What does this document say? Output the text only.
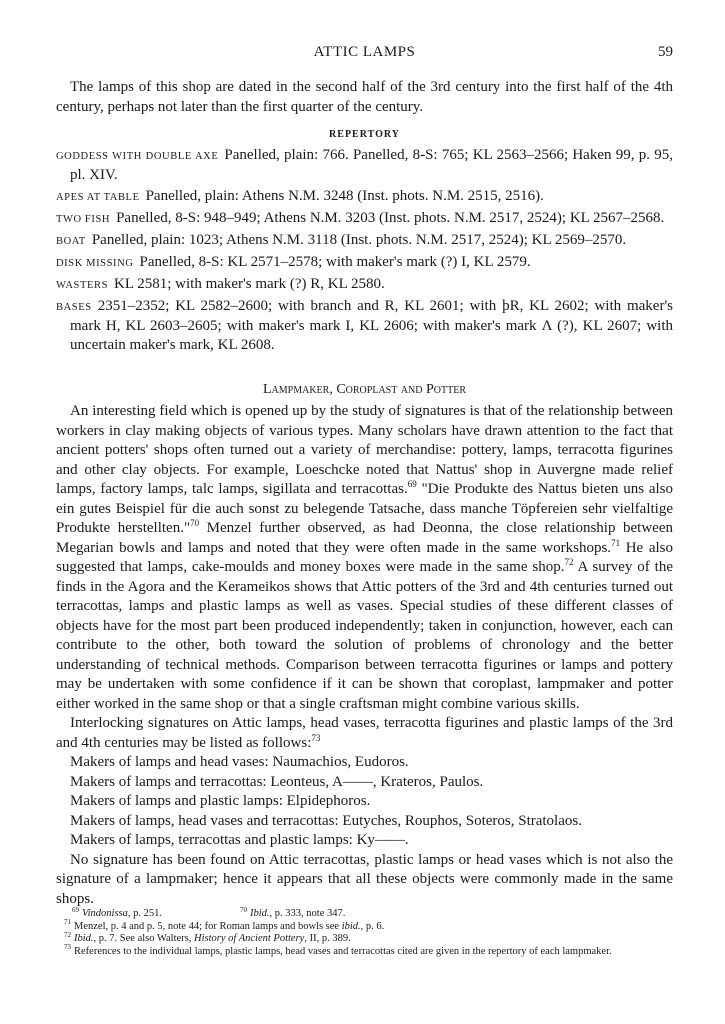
ATTIC LAMPS	59

The lamps of this shop are dated in the second half of the 3rd century into the first half of the 4th century, perhaps not later than the first quarter of the century.

REPERTORY

GODDESS WITH DOUBLE AXE Panelled, plain: 766. Panelled, 8-S: 765; KL 2563–2566; Haken 99, p. 95, pl. XIV.

APES AT TABLE Panelled, plain: Athens N.M. 3248 (Inst. phots. N.M. 2515, 2516).

TWO FISH Panelled, 8-S: 948–949; Athens N.M. 3203 (Inst. phots. N.M. 2517, 2524); KL 2567–2568.

BOAT Panelled, plain: 1023; Athens N.M. 3118 (Inst. phots. N.M. 2517, 2524); KL 2569–2570.

DISK MISSING Panelled, 8-S: KL 2571–2578; with maker's mark (?) I, KL 2579.

WASTERS KL 2581; with maker's mark (?) R, KL 2580.

BASES 2351–2352; KL 2582–2600; with branch and R, KL 2601; with ϸR, KL 2602; with maker's mark H, KL 2603–2605; with maker's mark I, KL 2606; with maker's mark Λ (?), KL 2607; with uncertain maker's mark, KL 2608.

Lampmaker, Coroplast and Potter

An interesting field which is opened up by the study of signatures is that of the relationship between workers in clay making objects of various types. Many scholars have drawn attention to the fact that ancient potters' shops often turned out a variety of merchandise: pottery, lamps, terracotta figurines and other clay objects. For example, Loeschcke noted that Nattus' shop in Auvergne made relief lamps, factory lamps, talc lamps, sigillata and terracottas.$^{69}$ "Die Produkte des Nattus bieten uns also ein gutes Beispiel für die auch sonst zu belegende Tatsache, dass manche Töpfereien sehr vielfaltige Produkte herstellten."$^{70}$ Menzel further observed, as had Deonna, the close relationship between Megarian bowls and lamps and noted that they were often made in the same workshops.$^{71}$ He also suggested that lamps, cake-moulds and money boxes were made in the same shop.$^{72}$ A survey of the finds in the Agora and the Kerameikos shows that Attic potters of the 3rd and 4th centuries turned out terracottas, lamps and plastic lamps as well as vases. Special studies of these different classes of objects have for the most part been produced independently; taken in conjunction, however, each can contribute to the other, both toward the solution of problems of chronology and the better understanding of technical methods. Comparison between terracotta figurines or lamps and pottery may be undertaken with some confidence if it can be shown that coroplast, lampmaker and potter either worked in the same shop or that a single craftsman might combine various skills.

Interlocking signatures on Attic lamps, head vases, terracotta figurines and plastic lamps of the 3rd and 4th centuries may be listed as follows:$^{73}$

Makers of lamps and head vases: Naumachios, Eudoros.

Makers of lamps and terracottas: Leonteus, A——, Krateros, Paulos.

Makers of lamps and plastic lamps: Elpidephoros.

Makers of lamps, head vases and terracottas: Eutyches, Rouphos, Soteros, Stratolaos.

Makers of lamps, terracottas and plastic lamps: Ky——.

No signature has been found on Attic terracottas, plastic lamps or head vases which is not also the signature of a lampmaker; hence it appears that all these objects were commonly made in the same shops.

$^{69}$ Vindonissa, p. 251.	$^{70}$ Ibid., p. 333, note 347.

$^{71}$ Menzel, p. 4 and p. 5, note 44; for Roman lamps and bowls see ibid., p. 6.

$^{72}$ Ibid., p. 7. See also Walters, History of Ancient Pottery, II, p. 389.

$^{73}$ References to the individual lamps, plastic lamps, head vases and terracottas cited are given in the repertory of each lampmaker.
